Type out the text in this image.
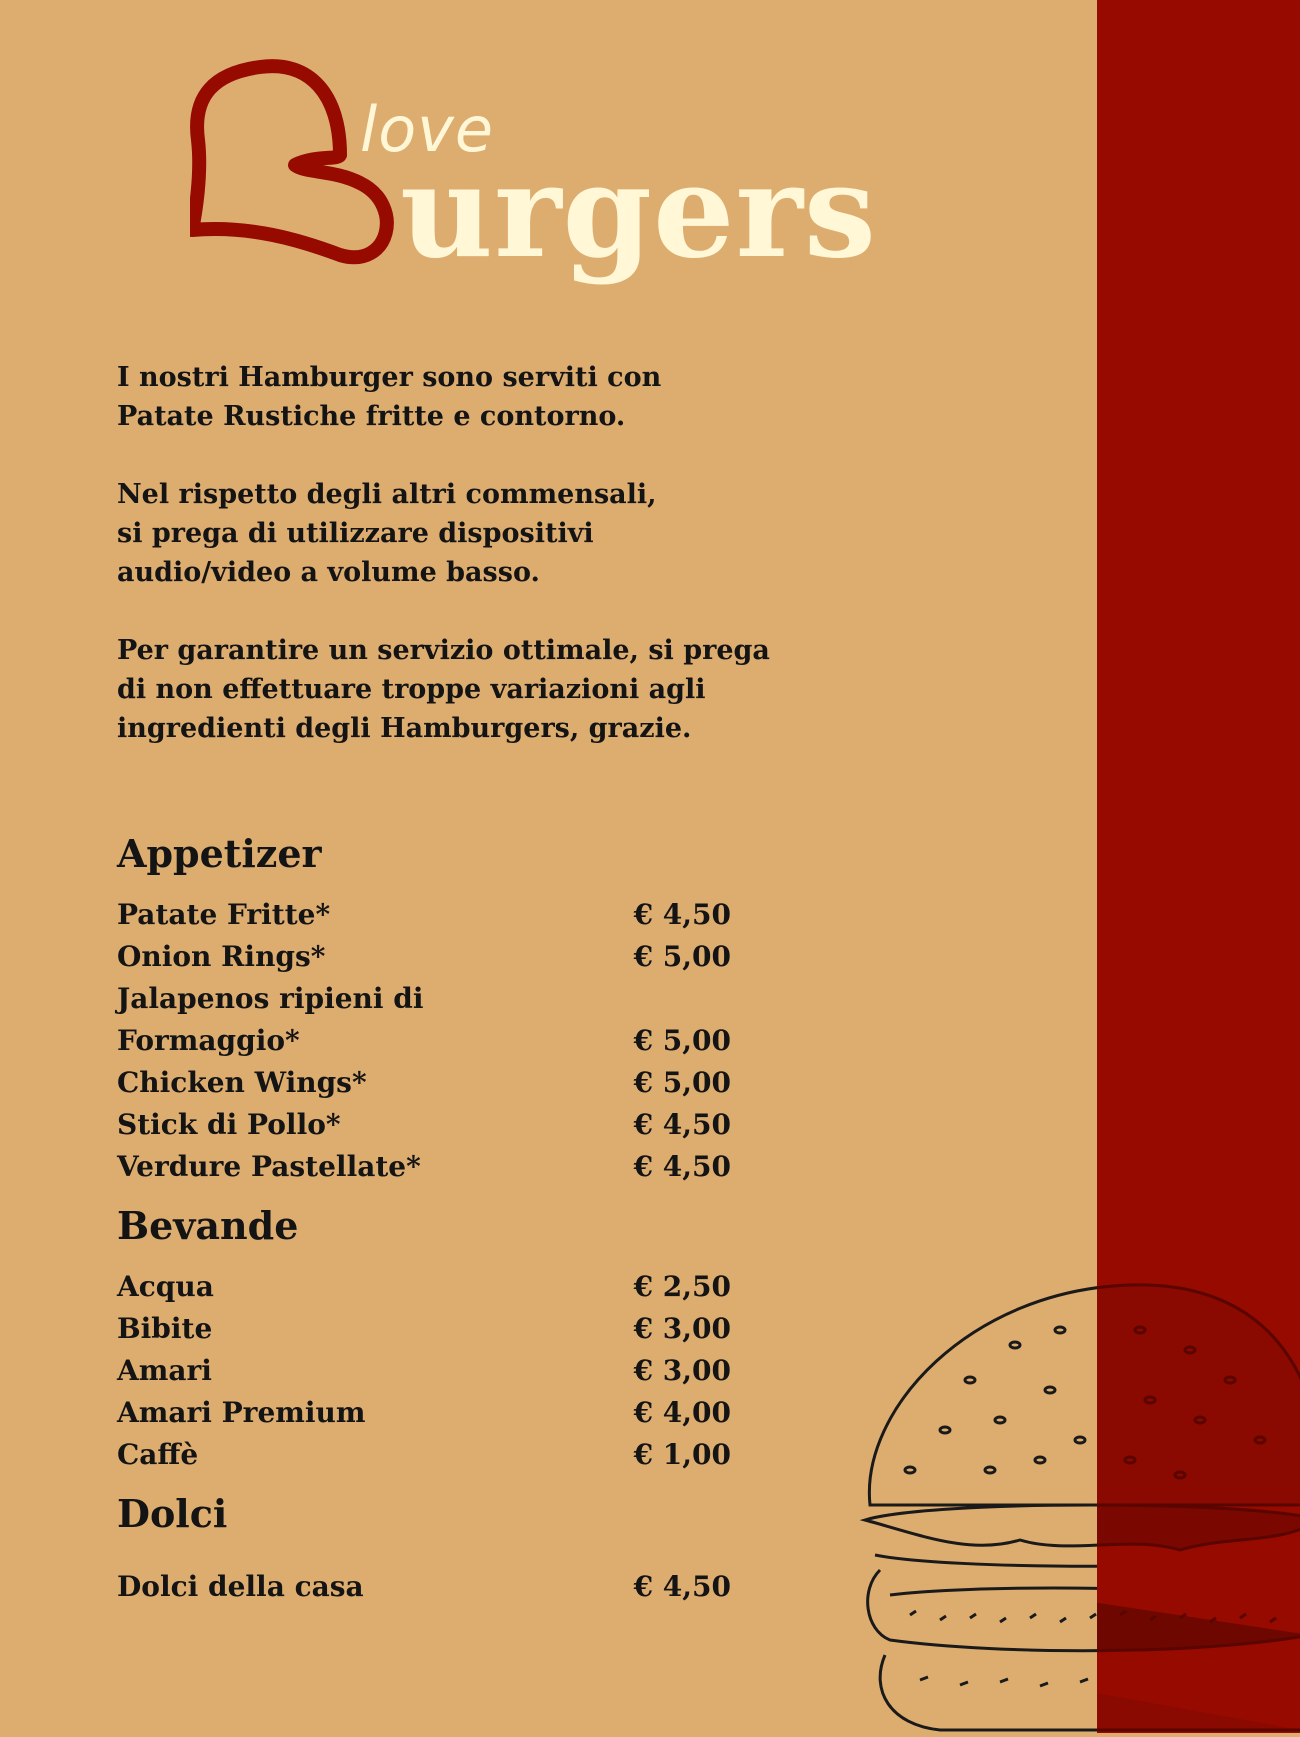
love
urgers

I nostri Hamburger sono serviti con
Patate Rustiche fritte e contorno.

Nel rispetto degli altri commensali,
si prega di utilizzare dispositivi
audio/video a volume basso.

Per garantire un servizio ottimale, si prega
di non effettuare troppe variazioni agli
ingredienti degli Hamburgers, grazie.

Appetizer
Patate Fritte*	€ 4,50
Onion Rings*	€ 5,00
Jalapenos ripieni di Formaggio*	€ 5,00
Chicken Wings*	€ 5,00
Stick di Pollo*	€ 4,50
Verdure Pastellate*	€ 4,50
Bevande
Acqua	€ 2,50
Bibite	€ 3,00
Amari	€ 3,00
Amari Premium	€ 4,00
Caffè	€ 1,00
Dolci
Dolci della casa	€ 4,50
